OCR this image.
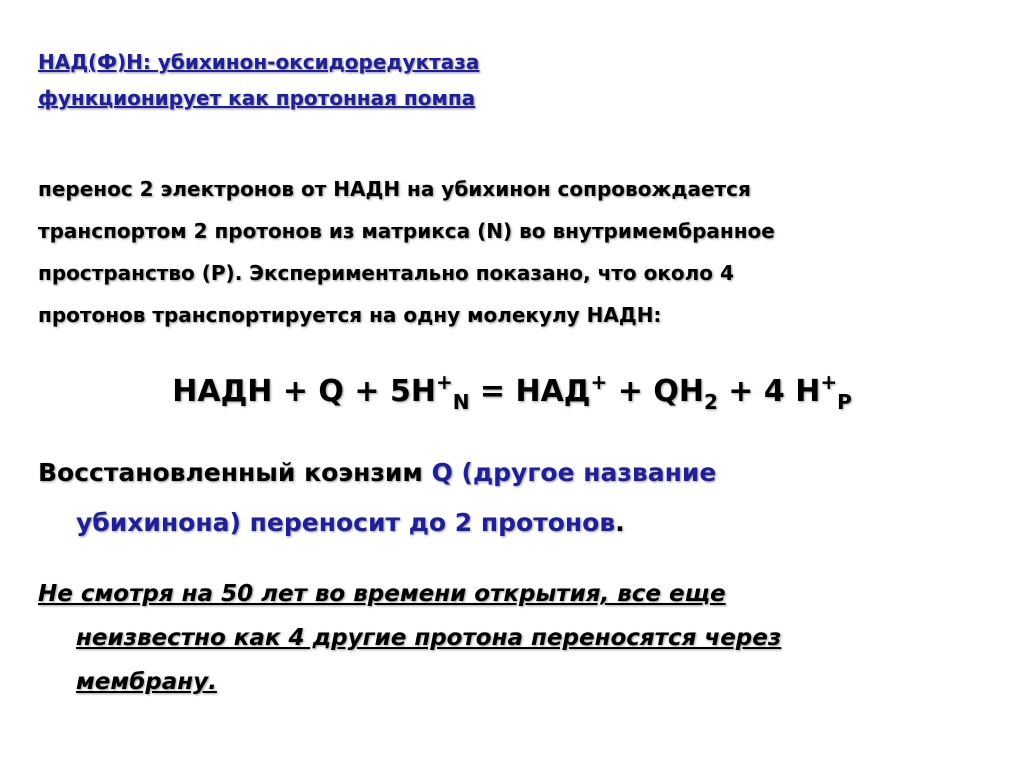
НАД(Ф)Н: убихинон-оксидоредуктаза
функционирует как протонная помпа
перенос 2 электронов от НАДН на убихинон сопровождается
транспортом 2 протонов из матрикса (N) во внутримембранное
пространство (P). Экспериментально показано, что около 4
протонов транспортируется на одну молекулу НАДН:
НАДН + $Q + 5H^+_N = НАД^+ + QH_2 + 4$ $H^+_P$
Восстановленный коэнзим Q (другое название
убихинона) переносит до 2 протонов.
Не смотря на 50 лет во времени открытия, все еще
неизвестно как 4 другие протона переносятся через
мембрану.
